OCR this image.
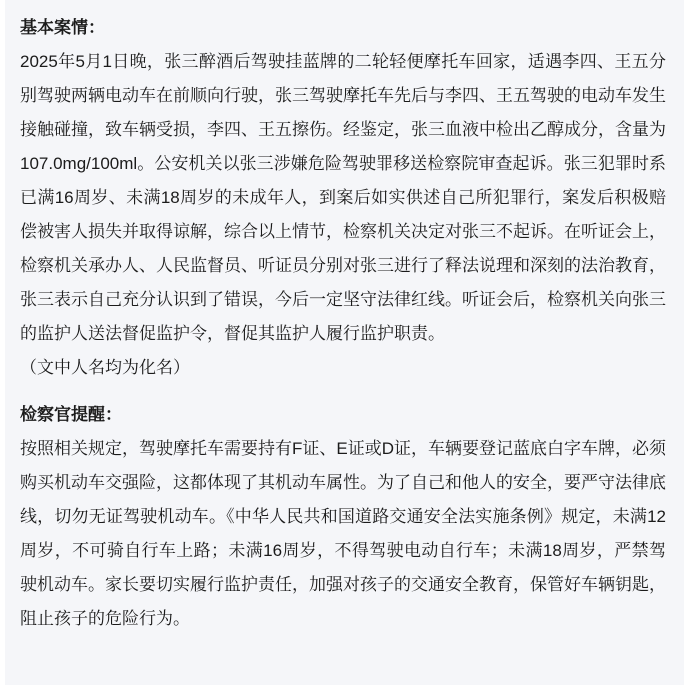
基本案情：

2025年5月1日晚，张三醉酒后驾驶挂蓝牌的二轮轻便摩托车回家，适遇李四、王五分别驾驶两辆电动车在前顺向行驶，张三驾驶摩托车先后与李四、王五驾驶的电动车发生接触碰撞，致车辆受损，李四、王五擦伤。经鉴定，张三血液中检出乙醇成分，含量为107.0mg/100ml。公安机关以张三涉嫌危险驾驶罪移送检察院审查起诉。张三犯罪时系已满16周岁、未满18周岁的未成年人，到案后如实供述自己所犯罪行，案发后积极赔偿被害人损失并取得谅解，综合以上情节，检察机关决定对张三不起诉。在听证会上，检察机关承办人、人民监督员、听证员分别对张三进行了释法说理和深刻的法治教育，张三表示自己充分认识到了错误，今后一定坚守法律红线。听证会后，检察机关向张三的监护人送法督促监护令，督促其监护人履行监护职责。

（文中人名均为化名）

检察官提醒：

按照相关规定，驾驶摩托车需要持有F证、E证或D证，车辆要登记蓝底白字车牌，必须购买机动车交强险，这都体现了其机动车属性。为了自己和他人的安全，要严守法律底线，切勿无证驾驶机动车。《中华人民共和国道路交通安全法实施条例》规定，未满12周岁，不可骑自行车上路；未满16周岁，不得驾驶电动自行车；未满18周岁，严禁驾驶机动车。家长要切实履行监护责任，加强对孩子的交通安全教育，保管好车辆钥匙，阻止孩子的危险行为。
